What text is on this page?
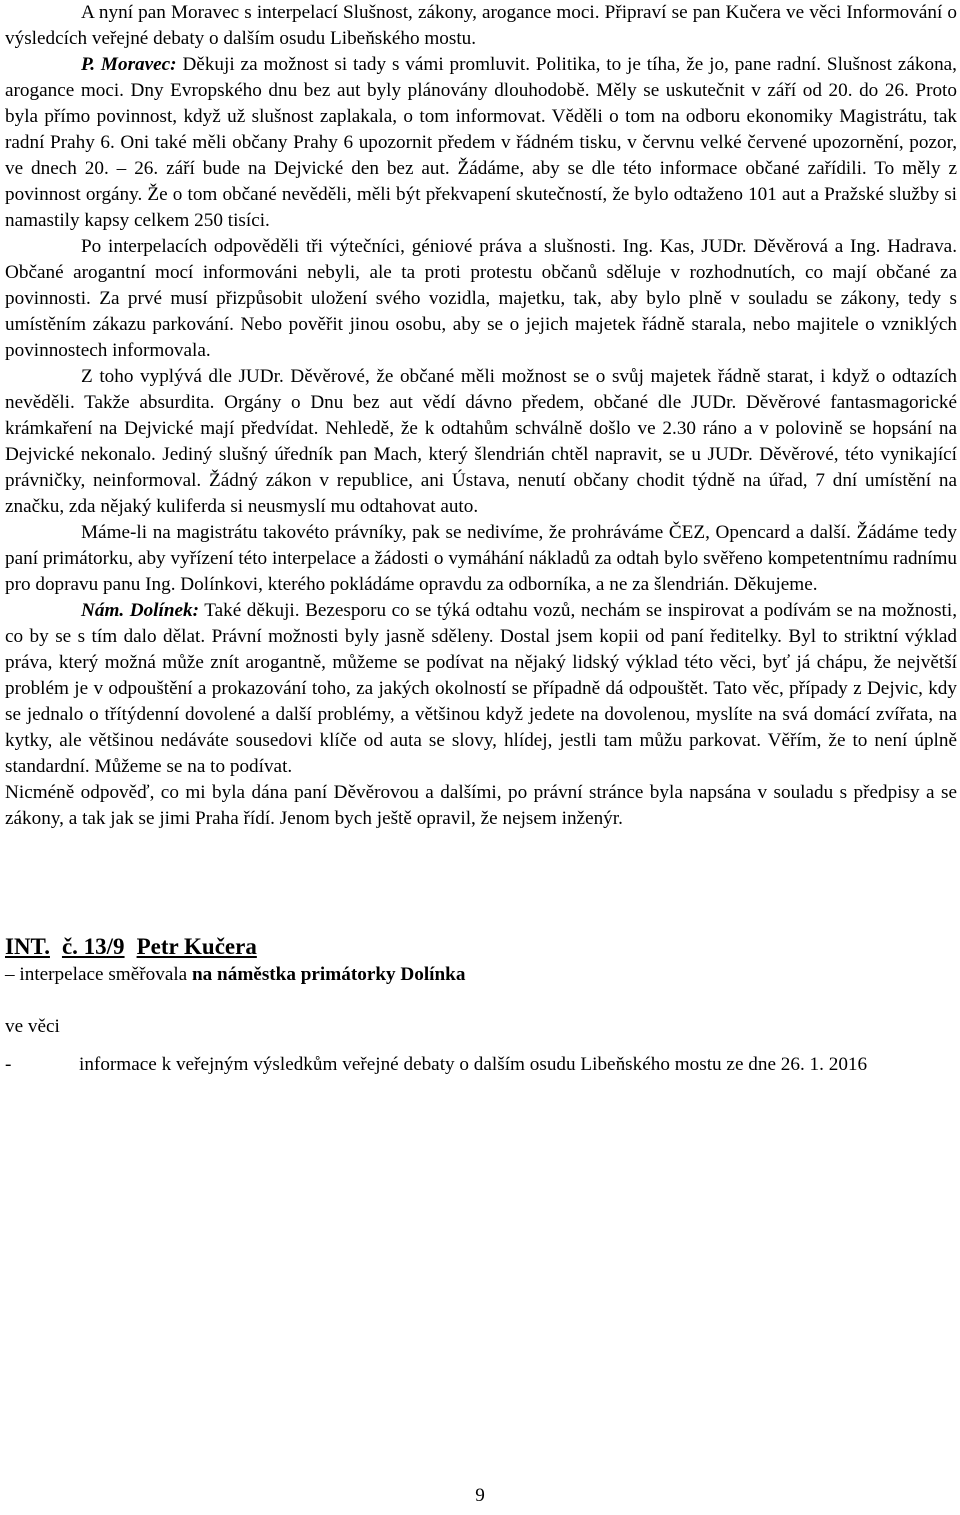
A nyní pan Moravec s interpelací Slušnost, zákony, arogance moci. Připraví se pan Kučera ve věci Informování o výsledcích veřejné debaty o dalším osudu Libeňského mostu.

P. Moravec: Děkuji za možnost si tady s vámi promluvit. Politika, to je tíha, že jo, pane radní. Slušnost zákona, arogance moci. Dny Evropského dnu bez aut byly plánovány dlouhodobě. Měly se uskutečnit v září od 20. do 26. Proto byla přímo povinnost, když už slušnost zaplakala, o tom informovat. Věděli o tom na odboru ekonomiky Magistrátu, tak radní Prahy 6. Oni také měli občany Prahy 6 upozornit předem v řádném tisku, v červnu velké červené upozornění, pozor, ve dnech 20. – 26. září bude na Dejvické den bez aut. Žádáme, aby se dle této informace občané zařídili. To měly z povinnost orgány. Že o tom občané nevěděli, měli být překvapení skutečností, že bylo odtaženo 101 aut a Pražské služby si namastily kapsy celkem 250 tisíci.

Po interpelacích odpověděli tři výtečníci, géniové práva a slušnosti. Ing. Kas, JUDr. Děvěrová a Ing. Hadrava. Občané arogantní mocí informováni nebyli, ale ta proti protestu občanů sděluje v rozhodnutích, co mají občané za povinnosti. Za prvé musí přizpůsobit uložení svého vozidla, majetku, tak, aby bylo plně v souladu se zákony, tedy s umístěním zákazu parkování. Nebo pověřit jinou osobu, aby se o jejich majetek řádně starala, nebo majitele o vzniklých povinnostech informovala.

Z toho vyplývá dle JUDr. Děvěrové, že občané měli možnost se o svůj majetek řádně starat, i když o odtazích nevěděli. Takže absurdita. Orgány o Dnu bez aut vědí dávno předem, občané dle JUDr. Děvěrové fantasmagorické krámkaření na Dejvické mají předvídat. Nehledě, že k odtahům schválně došlo ve 2.30 ráno a v polovině se hopsání na Dejvické nekonalo. Jediný slušný úředník pan Mach, který šlendrián chtěl napravit, se u JUDr. Děvěrové, této vynikající právničky, neinformoval. Žádný zákon v republice, ani Ústava, nenutí občany chodit týdně na úřad, 7 dní umístění na značku, zda nějaký kuliferda si neusmyslí mu odtahovat auto.

Máme-li na magistrátu takovéto právníky, pak se nedivíme, že prohráváme ČEZ, Opencard a další. Žádáme tedy paní primátorku, aby vyřízení této interpelace a žádosti o vymáhání nákladů za odtah bylo svěřeno kompetentnímu radnímu pro dopravu panu Ing. Dolínkovi, kterého pokládáme opravdu za odborníka, a ne za šlendrián. Děkujeme.

Nám. Dolínek: Také děkuji. Bezesporu co se týká odtahu vozů, nechám se inspirovat a podívám se na možnosti, co by se s tím dalo dělat. Právní možnosti byly jasně sděleny. Dostal jsem kopii od paní ředitelky. Byl to striktní výklad práva, který možná může znít arogantně, můžeme se podívat na nějaký lidský výklad této věci, byť já chápu, že největší problém je v odpouštění a prokazování toho, za jakých okolností se případně dá odpouštět. Tato věc, případy z Dejvic, kdy se jednalo o třítýdenní dovolené a další problémy, a většinou když jedete na dovolenou, myslíte na svá domácí zvířata, na kytky, ale většinou nedáváte sousedovi klíče od auta se slovy, hlídej, jestli tam můžu parkovat. Věřím, že to není úplně standardní. Můžeme se na to podívat.

Nicméně odpověď, co mi byla dána paní Děvěrovou a dalšími, po právní stránce byla napsána v souladu s předpisy a se zákony, a tak jak se jimi Praha řídí. Jenom bych ještě opravil, že nejsem inženýr.

INT. č. 13/9 Petr Kučera

– interpelace směřovala na náměstka primátorky Dolínka

ve věci

-	informace k veřejným výsledkům veřejné debaty o dalším osudu Libeňského mostu ze dne 26. 1. 2016
9
